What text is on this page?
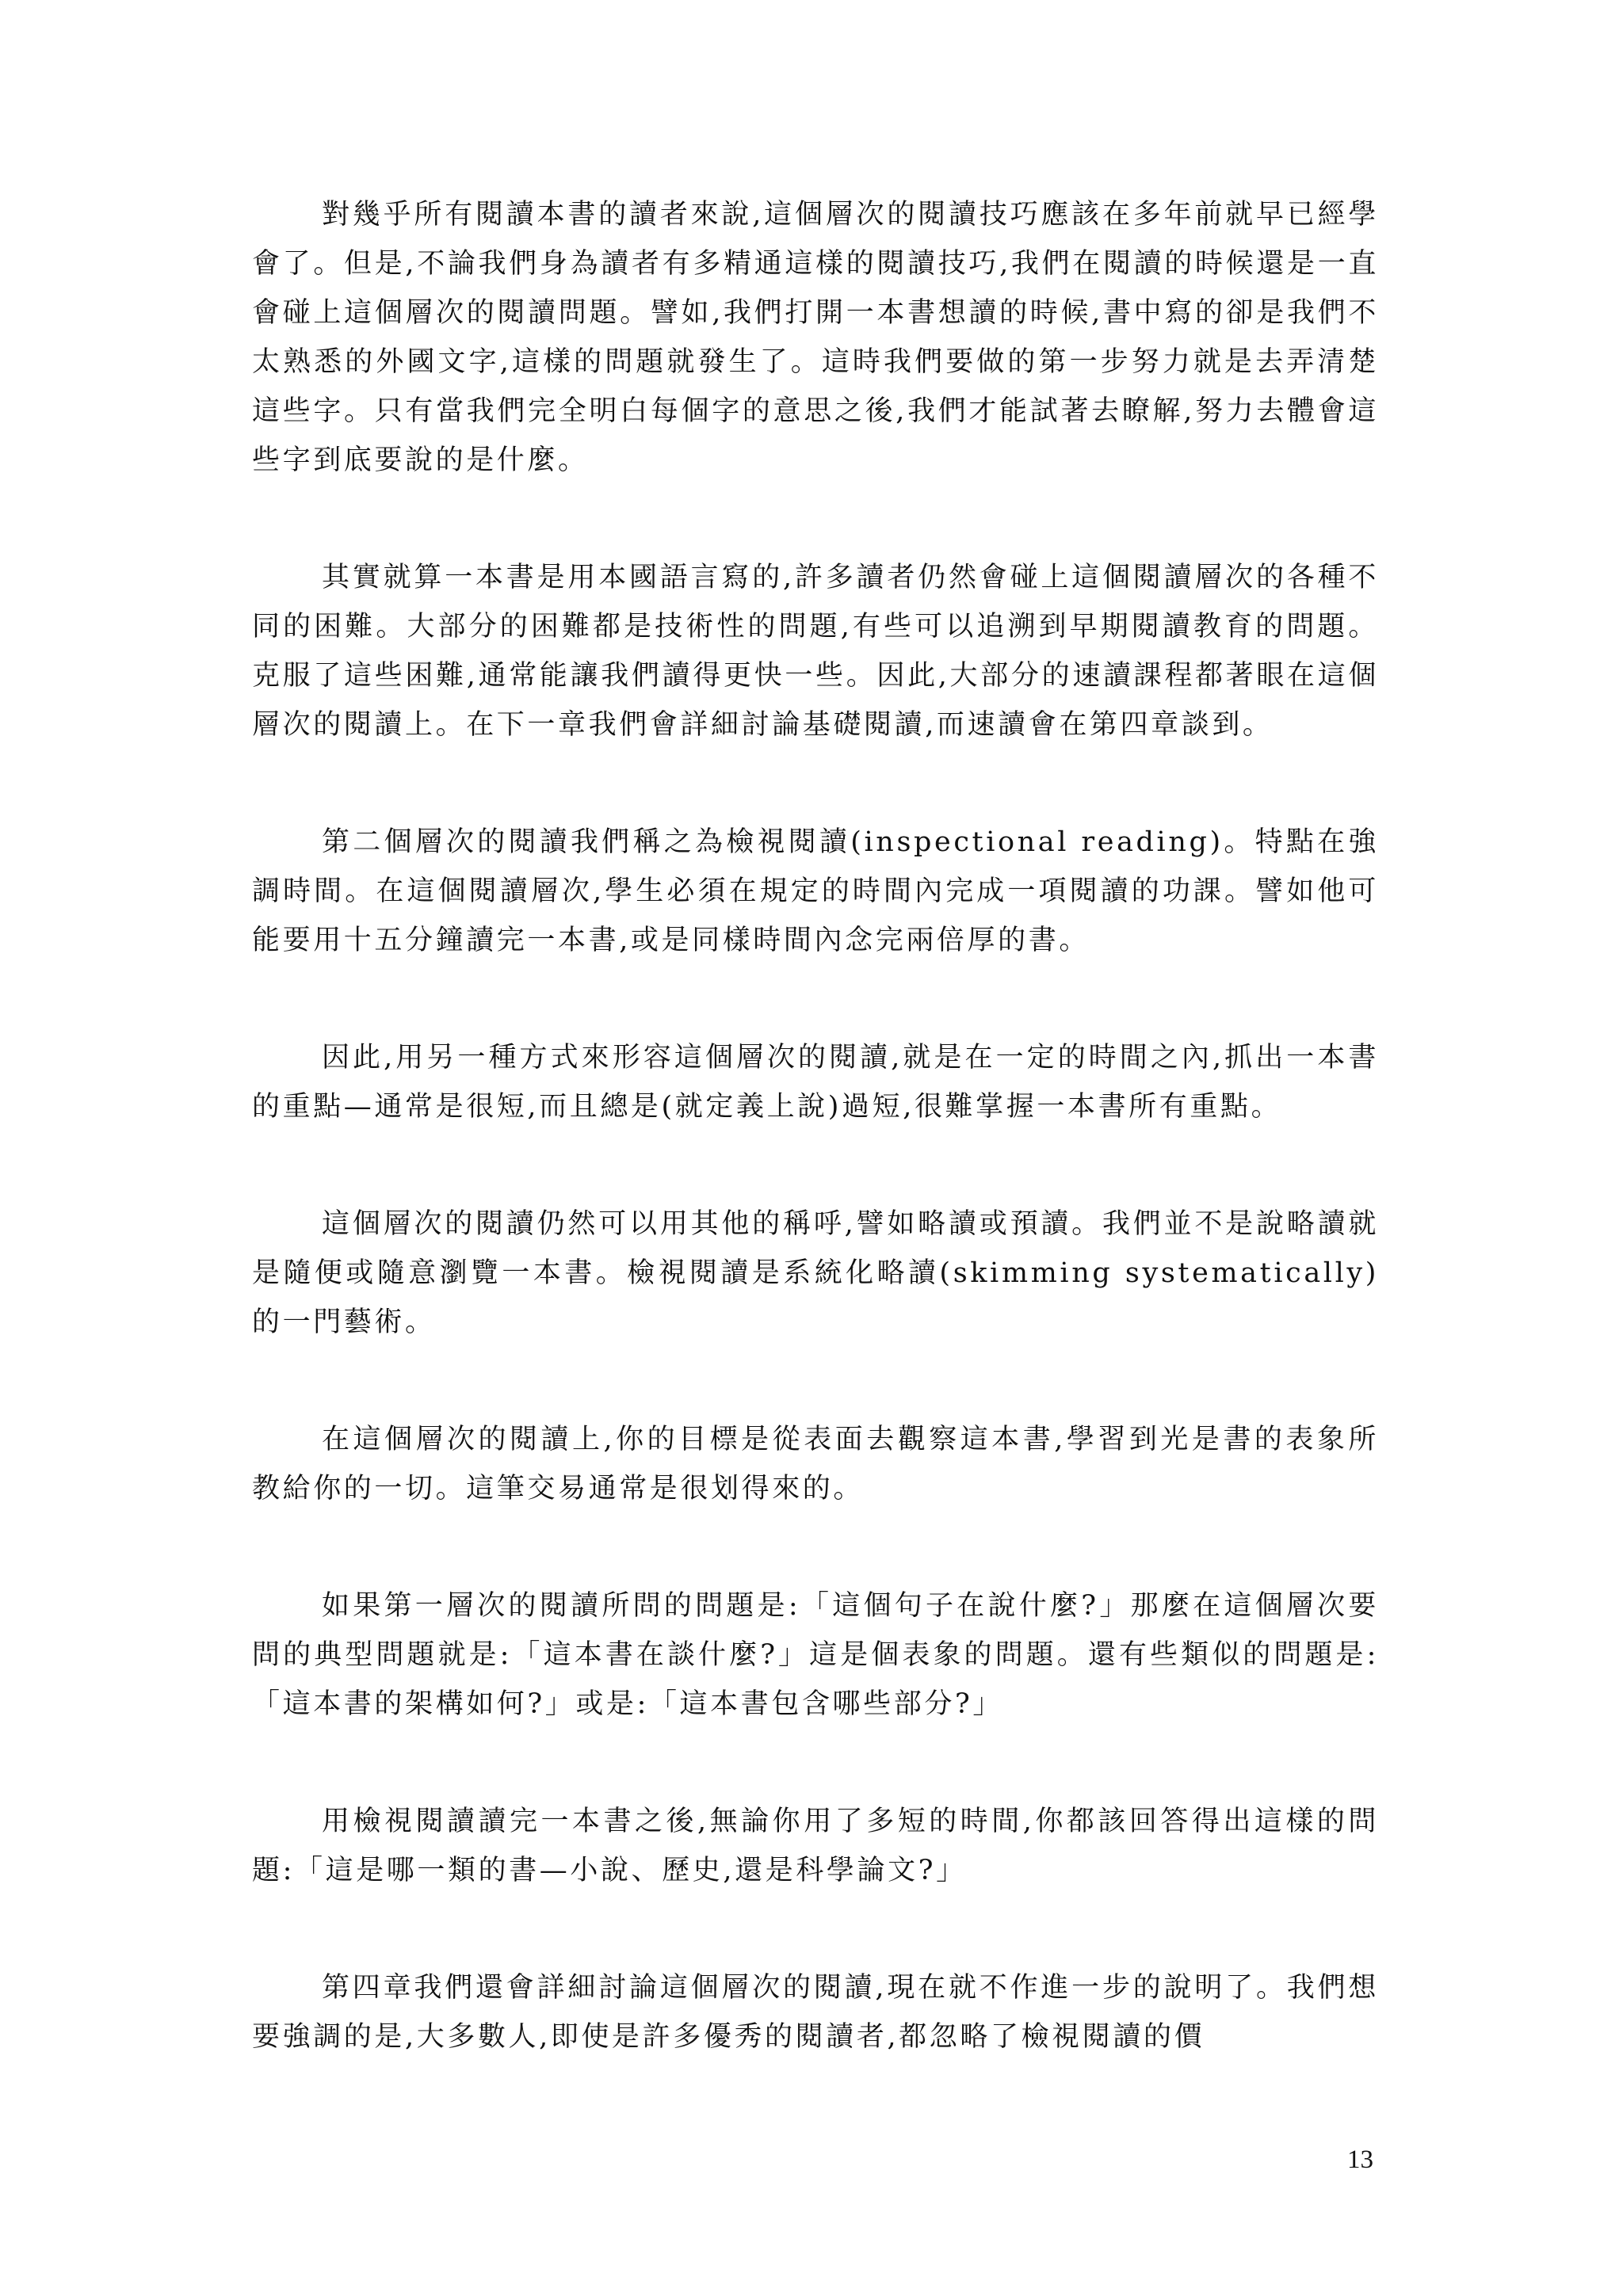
對幾乎所有閱讀本書的讀者來說,這個層次的閱讀技巧應該在多年前就早已經學會了。但是,不論我們身為讀者有多精通這樣的閱讀技巧,我們在閱讀的時候還是一直會碰上這個層次的閱讀問題。譬如,我們打開一本書想讀的時候,書中寫的卻是我們不太熟悉的外國文字,這樣的問題就發生了。這時我們要做的第一步努力就是去弄清楚這些字。只有當我們完全明白每個字的意思之後,我們才能試著去瞭解,努力去體會這些字到底要說的是什麼。

其實就算一本書是用本國語言寫的,許多讀者仍然會碰上這個閱讀層次的各種不同的困難。大部分的困難都是技術性的問題,有些可以追溯到早期閱讀教育的問題。克服了這些困難,通常能讓我們讀得更快一些。因此,大部分的速讀課程都著眼在這個層次的閱讀上。在下一章我們會詳細討論基礎閱讀,而速讀會在第四章談到。

第二個層次的閱讀我們稱之為檢視閱讀(inspectional reading)。特點在強調時間。在這個閱讀層次,學生必須在規定的時間內完成一項閱讀的功課。譬如他可能要用十五分鐘讀完一本書,或是同樣時間內念完兩倍厚的書。

因此,用另一種方式來形容這個層次的閱讀,就是在一定的時間之內,抓出一本書的重點—通常是很短,而且總是(就定義上說)過短,很難掌握一本書所有重點。

這個層次的閱讀仍然可以用其他的稱呼,譬如略讀或預讀。我們並不是說略讀就是隨便或隨意瀏覽一本書。檢視閱讀是系統化略讀(skimming systematically)的一門藝術。

在這個層次的閱讀上,你的目標是從表面去觀察這本書,學習到光是書的表象所教給你的一切。這筆交易通常是很划得來的。

如果第一層次的閱讀所問的問題是:「這個句子在說什麼?」那麼在這個層次要問的典型問題就是:「這本書在談什麼?」這是個表象的問題。還有些類似的問題是:「這本書的架構如何?」或是:「這本書包含哪些部分?」

用檢視閱讀讀完一本書之後,無論你用了多短的時間,你都該回答得出這樣的問題:「這是哪一類的書—小說、歷史,還是科學論文?」

第四章我們還會詳細討論這個層次的閱讀,現在就不作進一步的說明了。我們想要強調的是,大多數人,即使是許多優秀的閱讀者,都忽略了檢視閱讀的價

13
